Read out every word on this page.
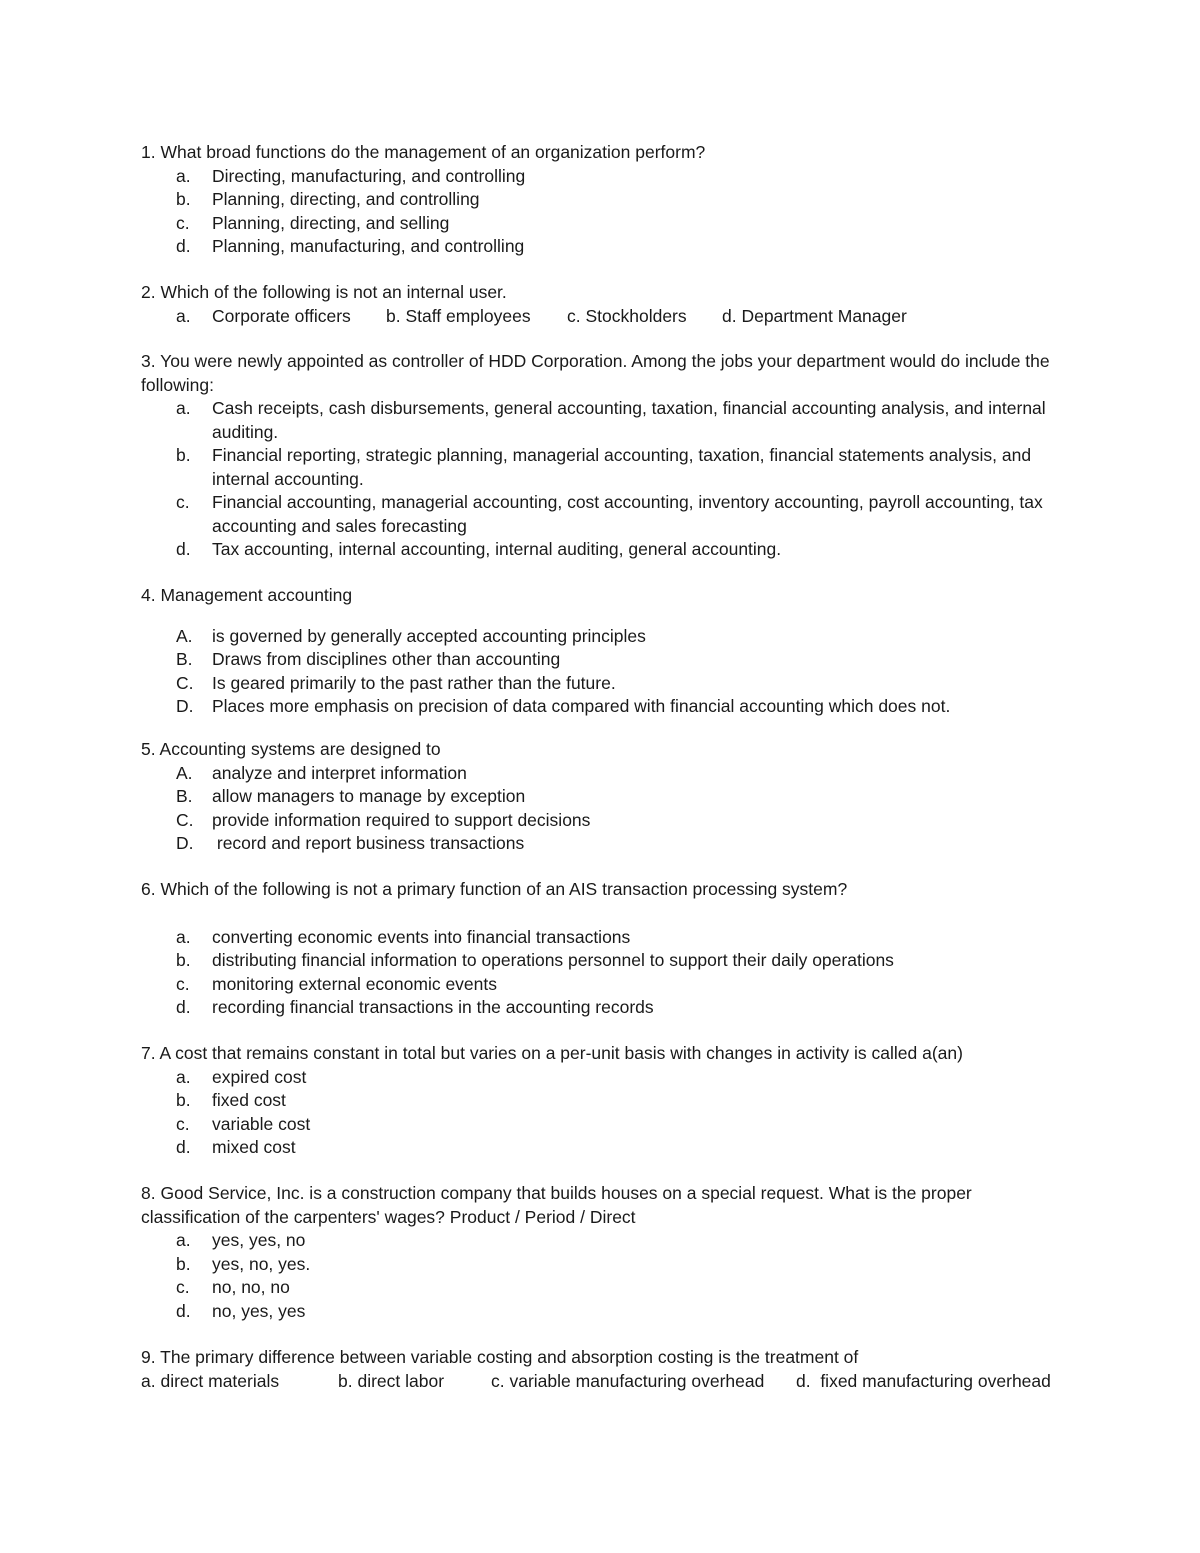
1. What broad functions do the management of an organization perform?

a.	Directing, manufacturing, and controlling
b.	Planning, directing, and controlling
c.	Planning, directing, and selling
d.	Planning, manufacturing, and controlling

2. Which of the following is not an internal user.

a.	Corporate officers	b. Staff employees	c. Stockholders	d. Department Manager

3. You were newly appointed as controller of HDD Corporation. Among the jobs your department would do include the following:

a.	Cash receipts, cash disbursements, general accounting, taxation, financial accounting analysis, and internal auditing.
b.	Financial reporting, strategic planning, managerial accounting, taxation, financial statements analysis, and internal accounting.
c.	Financial accounting, managerial accounting, cost accounting, inventory accounting, payroll accounting, tax accounting and sales forecasting
d.	Tax accounting, internal accounting, internal auditing, general accounting.

4. Management accounting

A.	is governed by generally accepted accounting principles
B.	Draws from disciplines other than accounting
C.	Is geared primarily to the past rather than the future.
D.	Places more emphasis on precision of data compared with financial accounting which does not.

5. Accounting systems are designed to

A.	analyze and interpret information
B.	allow managers to manage by exception
C.	provide information required to support decisions
D.	record and report business transactions

6. Which of the following is not a primary function of an AIS transaction processing system?

a.	converting economic events into financial transactions
b.	distributing financial information to operations personnel to support their daily operations
c.	monitoring external economic events
d.	recording financial transactions in the accounting records

7. A cost that remains constant in total but varies on a per-unit basis with changes in activity is called a(an)

a.	expired cost
b.	fixed cost
c.	variable cost
d.	mixed cost

8. Good Service, Inc. is a construction company that builds houses on a special request. What is the proper classification of the carpenters' wages? Product / Period / Direct

a.	yes, yes, no
b.	yes, no, yes.
c.	no, no, no
d.	no, yes, yes

9. The primary difference between variable costing and absorption costing is the treatment of

a. direct materials	b. direct labor	c. variable manufacturing overhead	d.  fixed manufacturing overhead
